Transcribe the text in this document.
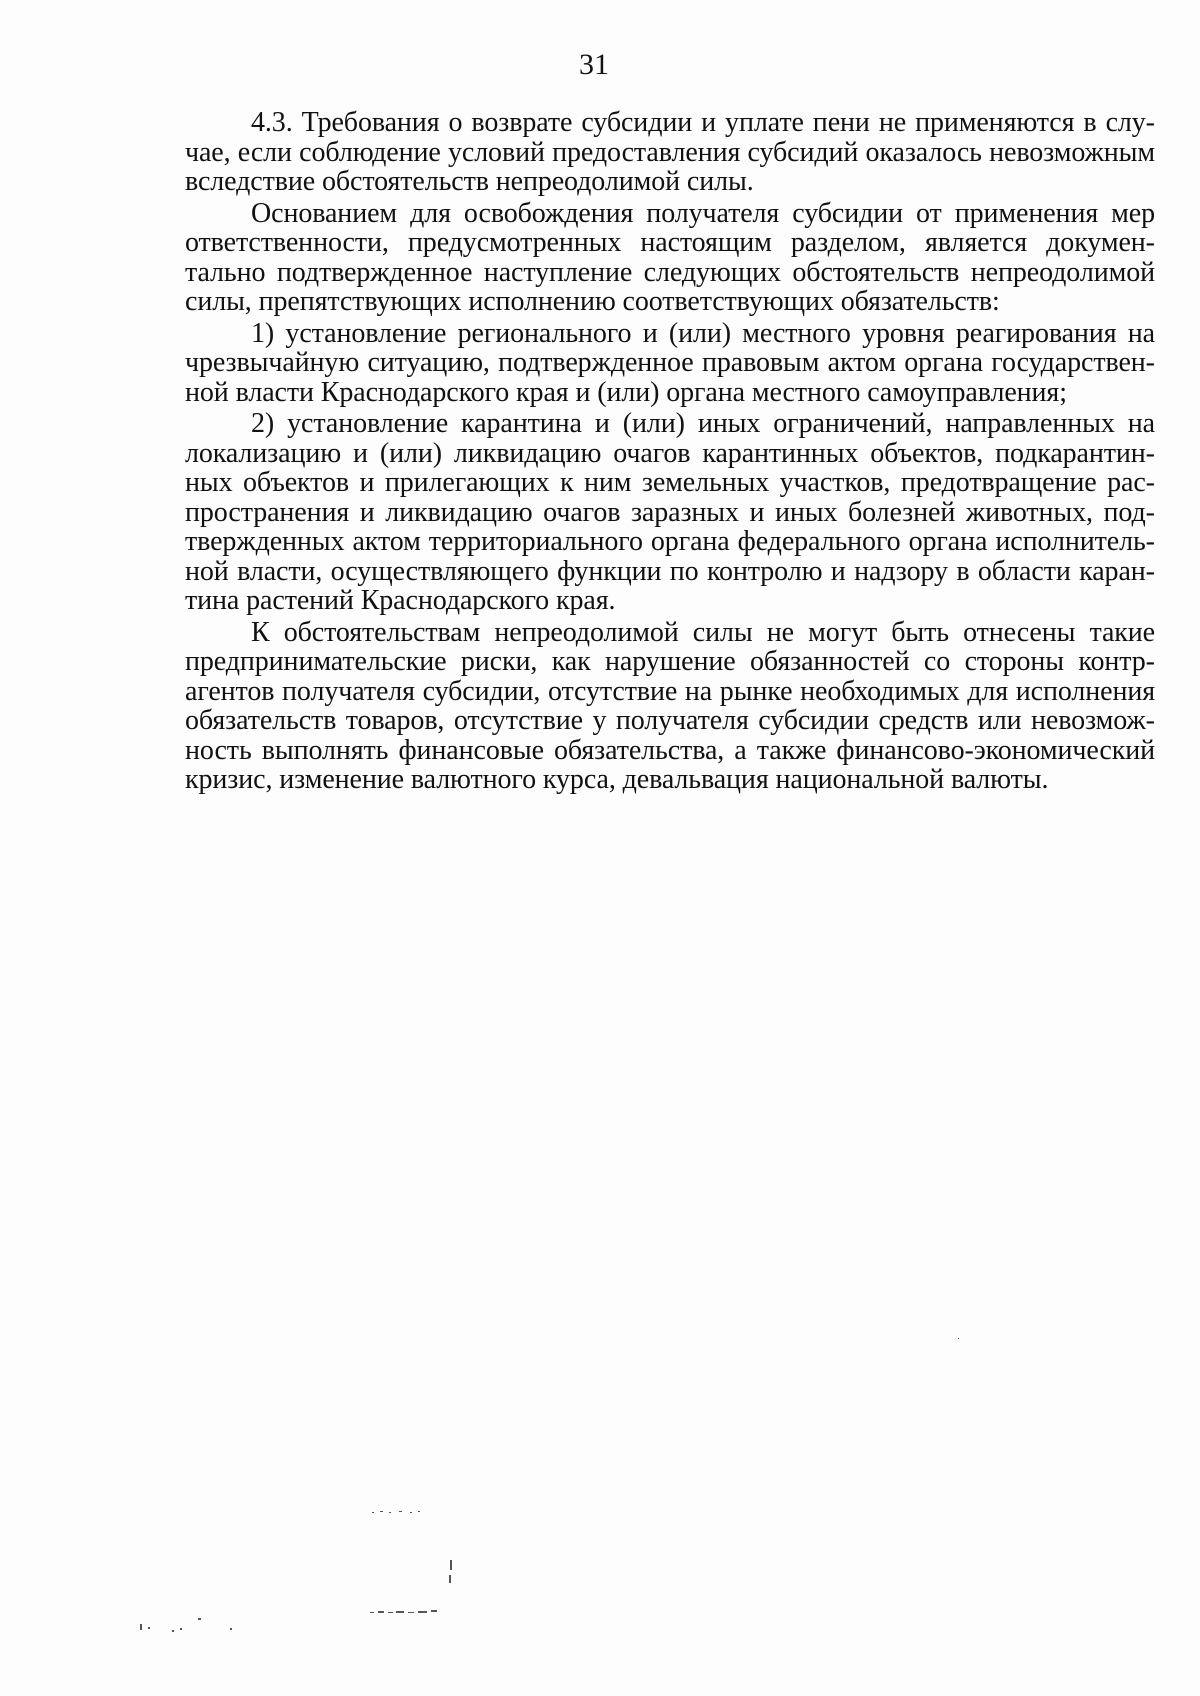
31

4.3. Требования о возврате субсидии и уплате пени не применяются в случае, если соблюдение условий предоставления субсидий оказалось невозможным вследствие обстоятельств непреодолимой силы.

Основанием для освобождения получателя субсидии от применения мер ответственности, предусмотренных настоящим разделом, является документально подтвержденное наступление следующих обстоятельств непреодолимой силы, препятствующих исполнению соответствующих обязательств:

1) установление регионального и (или) местного уровня реагирования на чрезвычайную ситуацию, подтвержденное правовым актом органа государственной власти Краснодарского края и (или) органа местного самоуправления;

2) установление карантина и (или) иных ограничений, направленных на локализацию и (или) ликвидацию очагов карантинных объектов, подкарантинных объектов и прилегающих к ним земельных участков, предотвращение распространения и ликвидацию очагов заразных и иных болезней животных, подтвержденных актом территориального органа федерального органа исполнительной власти, осуществляющего функции по контролю и надзору в области карантина растений Краснодарского края.

К обстоятельствам непреодолимой силы не могут быть отнесены такие предпринимательские риски, как нарушение обязанностей со стороны контрагентов получателя субсидии, отсутствие на рынке необходимых для исполнения обязательств товаров, отсутствие у получателя субсидии средств или невозможность выполнять финансовые обязательства, а также финансово-экономический кризис, изменение валютного курса, девальвация национальной валюты.
